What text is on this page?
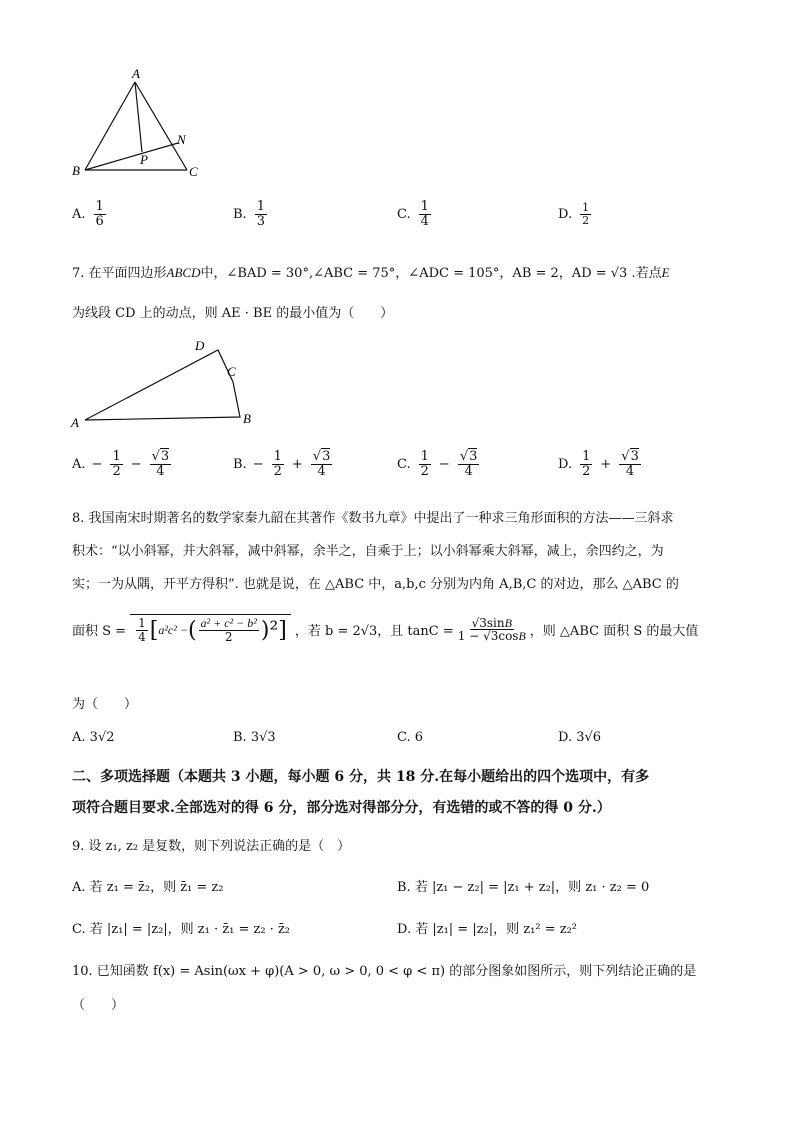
A
B	C
N
P
A. $\frac{1}{6}$	B. $\frac{1}{3}$	C. $\frac{1}{4}$	D. $\frac{1}{2}$
7. 在平面四边形ABCD中，∠BAD = 30°,∠ABC = 75°，∠ADC = 105°，AB = 2，AD = √3 .若点E
为线段 CD 上的动点，则 AE · BE 的最小值为（　　）
A	B
C
D
A. − $\frac{1}{2} - \frac{√3}{4}$	B. − $\frac{1}{2} + \frac{√3}{4}$	C. $\frac{1}{2} - \frac{√3}{4}$	D. $\frac{1}{2} + \frac{√3}{4}$
8. 我国南宋时期著名的数学家秦九韶在其著作《数书九章》中提出了一种求三角形面积的方法——三斜求
积术：“以小斜幂，并大斜幂，减中斜幂，余半之，自乘于上；以小斜幂乘大斜幂，减上，余四约之，为
实；一为从隅，开平方得积”. 也就是说，在 △ABC 中，a,b,c 分别为内角 A,B,C 的对边，那么 △ABC 的
面积 $S = \frac{1}{4}$ [ a²c² − ( $\frac{\text{a² + c² − b²}}{2} )^2$ ] ，若 b = 2√3，且 $\tan C = \frac{√3\sin B}{1 - √3\cos B}$ ，则 △ABC 面积 S 的最大值
为（　　）
A. 3√2	B. 3√3	C. 6	D. 3√6
二、多项选择题（本题共 3 小题，每小题 6 分，共 18 分.在每小题给出的四个选项中，有多
项符合题目要求.全部选对的得 6 分，部分选对得部分分，有选错的或不答的得 0 分.）
9. 设 z₁, z₂ 是复数，则下列说法正确的是（　）
A. 若 z₁ = z̄₂，则 z̄₁ = z₂	B. 若 |z₁ − z₂| = |z₁ + z₂|，则 z₁ · z₂ = 0
C. 若 |z₁| = |z₂|，则 z₁ · z̄₁ = z₂ · z̄₂	D. 若 |z₁| = |z₂|，则 z₁² = z₂²
10. 已知函数 f(x) = Asin(ωx + φ)(A > 0, ω > 0, 0 < φ < π) 的部分图象如图所示，则下列结论正确的是
（　　）
